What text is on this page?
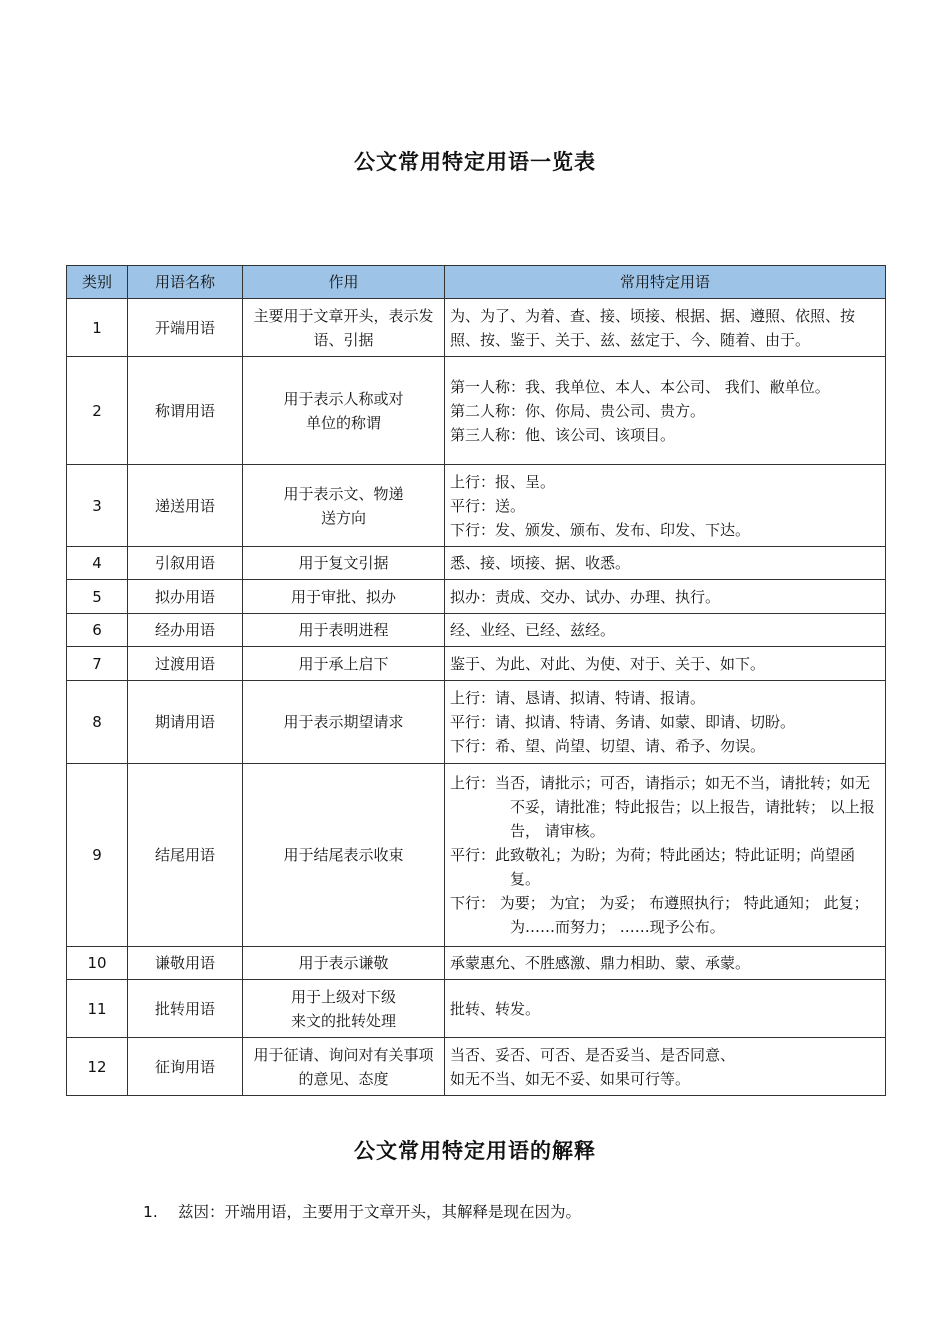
公文常用特定用语一览表
类别	用语名称	作用	常用特定用语
1	开端用语	主要用于文章开头，表示发语、引据	为、为了、为着、查、接、顷接、根据、据、遵照、依照、按照、按、鉴于、关于、兹、兹定于、今、随着、由于。

2	称谓用语	用于表示人称或对
单位的称谓	第一人称：我、我单位、本人、本公司、 我们、敝单位。
第二人称：你、你局、贵公司、贵方。
第三人称：他、该公司、该项目。

3	递送用语	用于表示文、物递
送方向	上行：报、呈。
平行：送。
下行：发、颁发、颁布、发布、印发、下达。

4	引叙用语	用于复文引据	悉、接、顷接、据、收悉。

5	拟办用语	用于审批、拟办	拟办：责成、交办、试办、办理、执行。

6	经办用语	用于表明进程	经、业经、已经、兹经。

7	过渡用语	用于承上启下	鉴于、为此、对此、为使、对于、关于、如下。

8	期请用语	用于表示期望请求	上行：请、恳请、拟请、特请、报请。
平行：请、拟请、特请、务请、如蒙、即请、切盼。
下行：希、望、尚望、切望、请、希予、勿误。

9	结尾用语	用于结尾表示收束	上行：当否，请批示；可否，请指示；如无不当，请批转；如无不妥，请批准；特此报告；以上报告，请批转； 以上报告， 请审核。
平行：此致敬礼；为盼；为荷；特此函达；特此证明；尚望函复。
下行： 为要； 为宜； 为妥； 布遵照执行； 特此通知； 此复； 为……而努力； ……现予公布。

10	谦敬用语	用于表示谦敬	承蒙惠允、不胜感激、鼎力相助、蒙、承蒙。

11	批转用语	用于上级对下级
来文的批转处理	批转、转发。

12	征询用语	用于征请、询问对有关事项的意见、态度	当否、妥否、可否、是否妥当、是否同意、
如无不当、如无不妥、如果可行等。
公文常用特定用语的解释
1. 兹因：开端用语，主要用于文章开头，其解释是现在因为。
